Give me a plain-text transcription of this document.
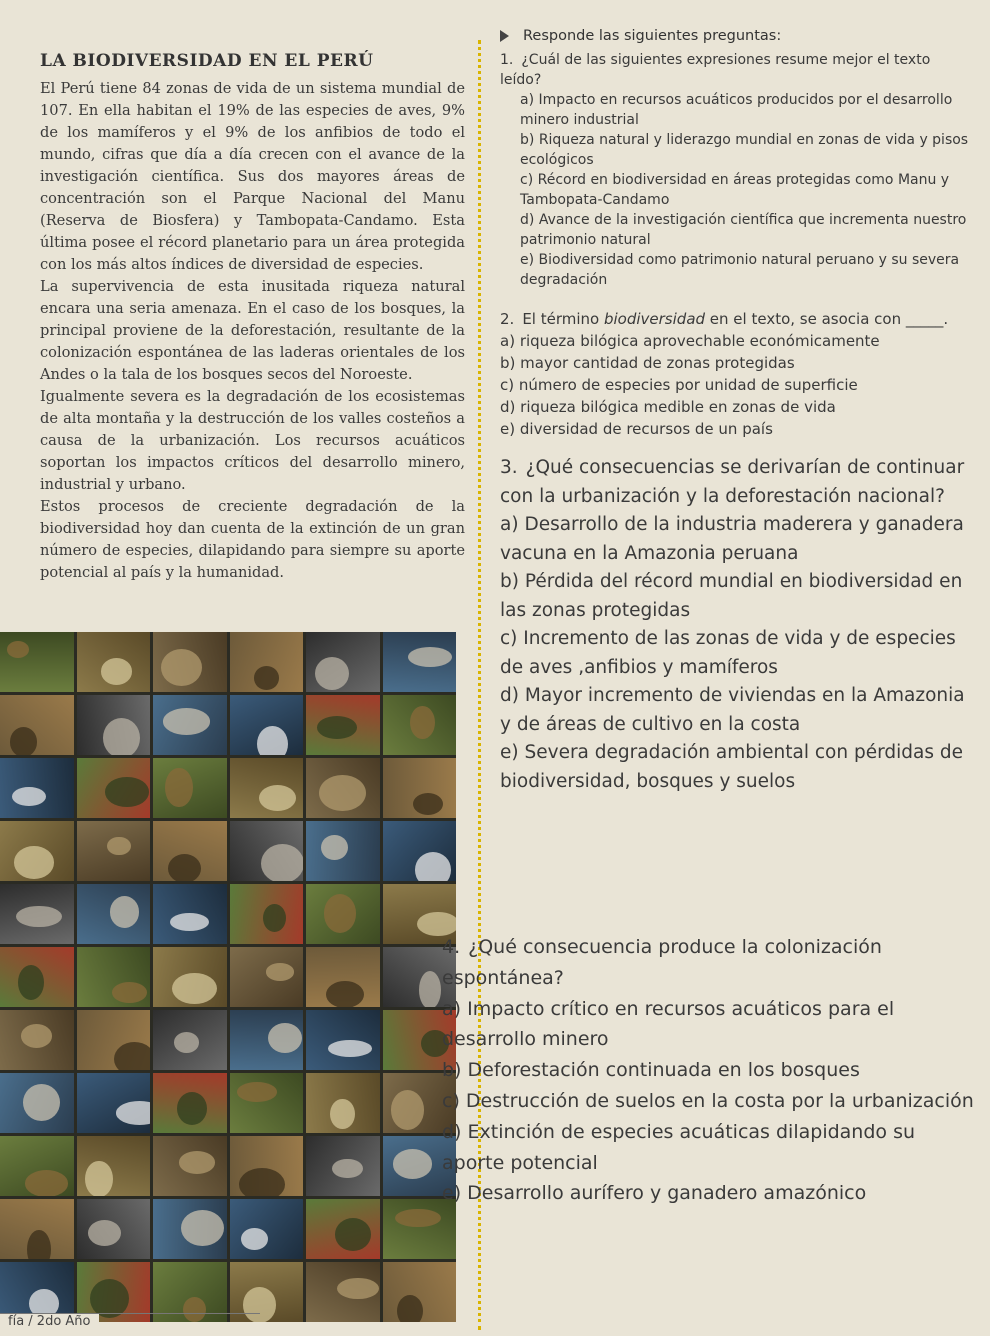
LA BIODIVERSIDAD EN EL PERÚ

El Perú tiene 84 zonas de vida de un sistema mundial de 107. En ella habitan el 19% de las especies de aves, 9% de los mamíferos y el 9% de los anfibios de todo el mundo, cifras que día a día crecen con el avance de la investigación científica. Sus dos mayores áreas de concentración son el Parque Nacional del Manu (Reserva de Biosfera) y Tambopata-Candamo. Esta última posee el récord planetario para un área protegida con los más altos índices de diversidad de especies.

La supervivencia de esta inusitada riqueza natural encara una seria amenaza. En el caso de los bosques, la principal proviene de la deforestación, resultante de la colonización espontánea de las laderas orientales de los Andes o la tala de los bosques secos del Noroeste.

Igualmente severa es la degradación de los ecosistemas de alta montaña y la destrucción de los valles costeños a causa de la urbanización. Los recursos acuáticos soportan los impactos críticos del desarrollo minero, industrial y urbano.

Estos procesos de creciente degradación de la biodiversidad hoy dan cuenta de la extinción de un gran número de especies, dilapidando para siempre su aporte potencial al país y la humanidad.

Responde las siguientes preguntas:
1. ¿Cuál de las siguientes expresiones resume mejor el texto leído?
a) Impacto en recursos acuáticos producidos por el desarrollo minero industrial
b) Riqueza natural y liderazgo mundial en zonas de vida y pisos ecológicos
c) Récord en biodiversidad en áreas protegidas como Manu y Tambopata-Candamo
d) Avance de la investigación científica que incrementa nuestro patrimonio natural
e) Biodiversidad como patrimonio natural peruano y su severa degradación
2. El término biodiversidad en el texto, se asocia con _____.
a) riqueza bilógica aprovechable económicamente
b) mayor cantidad de zonas protegidas
c) número de especies por unidad de superficie
d) riqueza bilógica medible en zonas de vida
e) diversidad de recursos de un país
3. ¿Qué consecuencias se derivarían de continuar con la urbanización y la deforestación nacional?
a) Desarrollo de la industria maderera y ganadera vacuna en la Amazonia peruana
b) Pérdida del récord mundial en biodiversidad en las zonas protegidas
c) Incremento de las zonas de vida y de especies de aves ,anfibios y mamíferos
d) Mayor incremento de viviendas en la Amazonia y de áreas de cultivo en la costa
e) Severa degradación ambiental con pérdidas de biodiversidad, bosques y suelos
4. ¿Qué consecuencia produce la colonización espontánea?
a) Impacto crítico en recursos acuáticos para el desarrollo minero
b) Deforestación continuada en los bosques
c) Destrucción de suelos en la costa por la urbanización
d) Extinción de especies acuáticas dilapidando su aporte potencial
e) Desarrollo aurífero y ganadero amazónico
fía / 2do Año
